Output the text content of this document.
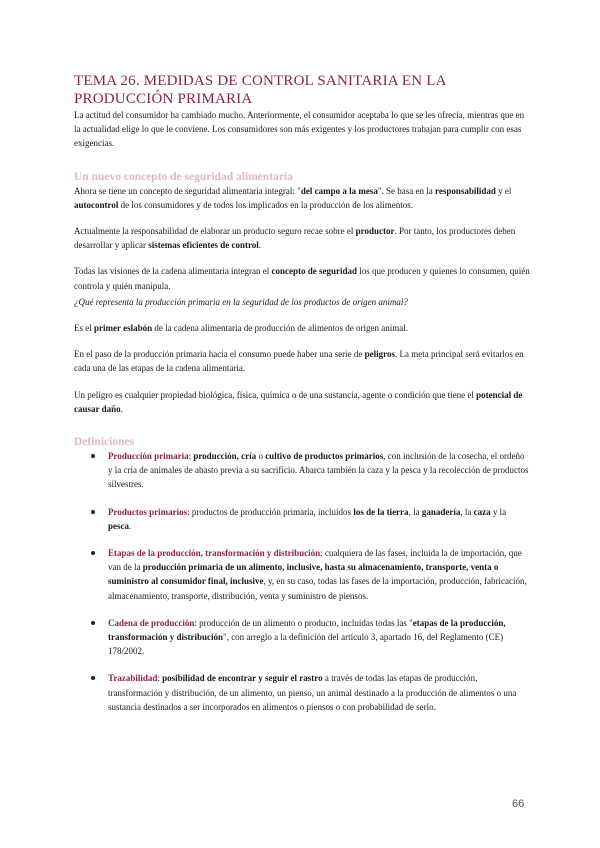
TEMA 26. MEDIDAS DE CONTROL SANITARIA EN LA
PRODUCCIÓN PRIMARIA

La actitud del consumidor ha cambiado mucho. Anteriormente, el consumidor aceptaba lo que se les ofrecía, mientras que en la actualidad elige lo que le conviene. Los consumidores son más exigentes y los productores trabajan para cumplir con esas exigencias.

Un nuevo concepto de seguridad alimentaria

Ahora se tiene un concepto de seguridad alimentaria integral: "del campo a la mesa". Se basa en la responsabilidad y el autocontrol de los consumidores y de todos los implicados en la producción de los alimentos.

Actualmente la responsabilidad de elaborar un producto seguro recae sobre el productor. Por tanto, los productores deben desarrollar y aplicar sistemas eficientes de control.

Todas las visiones de la cadena alimentaria integran el concepto de seguridad los que producen y quienes lo consumen, quién controla y quién manipula.

¿Qué representa la producción primaria en la seguridad de los productos de origen animal?

Es el primer eslabón de la cadena alimentaria de producción de alimentos de origen animal.

En el paso de la producción primaria hacia el consumo puede haber una serie de peligros. La meta principal será evitarlos en cada una de las etapas de la cadena alimentaria.

Un peligro es cualquier propiedad biológica, física, química o de una sustancia, agente o condición que tiene el potencial de causar daño.

Definiciones
Producción primaria: producción, cría o cultivo de productos primarios, con inclusión de la cosecha, el ordeño y la cría de animales de abasto previa a su sacrificio. Abarca también la caza y la pesca y la recolección de productos silvestres.
Productos primarios: productos de producción primaria, incluidos los de la tierra, la ganadería, la caza y la pesca.
Etapas de la producción, transformación y distribución: cualquiera de las fases, incluida la de importación, que van de la producción primaria de un alimento, inclusive, hasta su almacenamiento, transporte, venta o suministro al consumidor final, inclusive, y, en su caso, todas las fases de la importación, producción, fabricación, almacenamiento, transporte, distribución, venta y suministro de piensos.
Cadena de producción: producción de un alimento o producto, incluidas todas las "etapas de la producción, transformación y distribución", con arreglo a la definición del artículo 3, apartado 16, del Reglamento (CE) 178/2002.
Trazabilidad: posibilidad de encontrar y seguir el rastro a través de todas las etapas de producción, transformación y distribución, de un alimento, un pienso, un animal destinado a la producción de alimentos o una sustancia destinados a ser incorporados en alimentos o piensos o con probabilidad de serlo.
66
